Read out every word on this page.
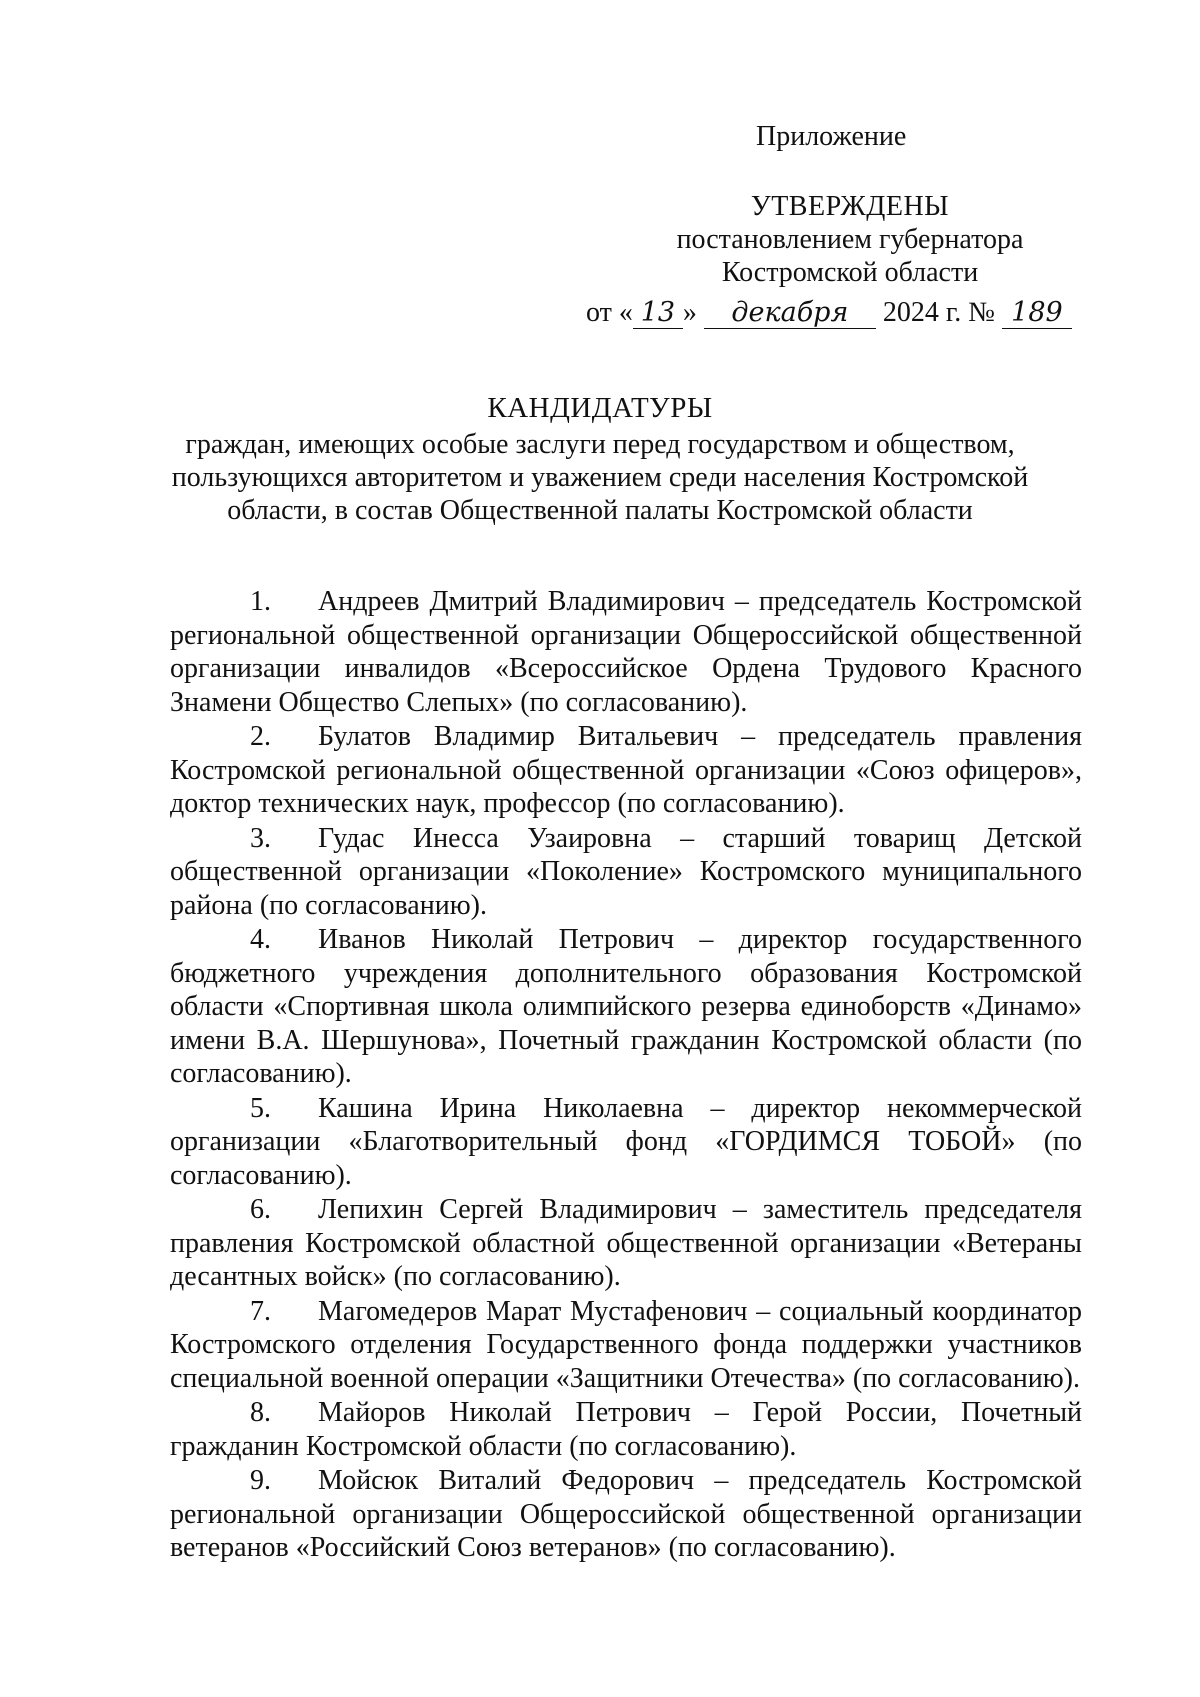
Приложение
УТВЕРЖДЕНЫ
постановлением губернатора
Костромской области
от « 13 » декабря 2024 г. № 189
КАНДИДАТУРЫ
граждан, имеющих особые заслуги перед государством и обществом, пользующихся авторитетом и уважением среди населения Костромской области, в состав Общественной палаты Костромской области

1. Андреев Дмитрий Владимирович – председатель Костромской региональной общественной организации Общероссийской общественной организации инвалидов «Всероссийское Ордена Трудового Красного Знамени Общество Слепых» (по согласованию).

2. Булатов Владимир Витальевич – председатель правления Костромской региональной общественной организации «Союз офицеров», доктор технических наук, профессор (по согласованию).

3. Гудас Инесса Узаировна – старший товарищ Детской общественной организации «Поколение» Костромского муниципального района (по согласованию).

4. Иванов Николай Петрович – директор государственного бюджетного учреждения дополнительного образования Костромской области «Спортивная школа олимпийского резерва единоборств «Динамо» имени В.А. Шершунова», Почетный гражданин Костромской области (по согласованию).

5. Кашина Ирина Николаевна – директор некоммерческой организации «Благотворительный фонд «ГОРДИМСЯ ТОБОЙ» (по согласованию).

6. Лепихин Сергей Владимирович – заместитель председателя правления Костромской областной общественной организации «Ветераны десантных войск» (по согласованию).

7. Магомедеров Марат Мустафенович – социальный координатор Костромского отделения Государственного фонда поддержки участников специальной военной операции «Защитники Отечества» (по согласованию).

8. Майоров Николай Петрович – Герой России, Почетный гражданин Костромской области (по согласованию).

9. Мойсюк Виталий Федорович – председатель Костромской региональной организации Общероссийской общественной организации ветеранов «Российский Союз ветеранов» (по согласованию).
